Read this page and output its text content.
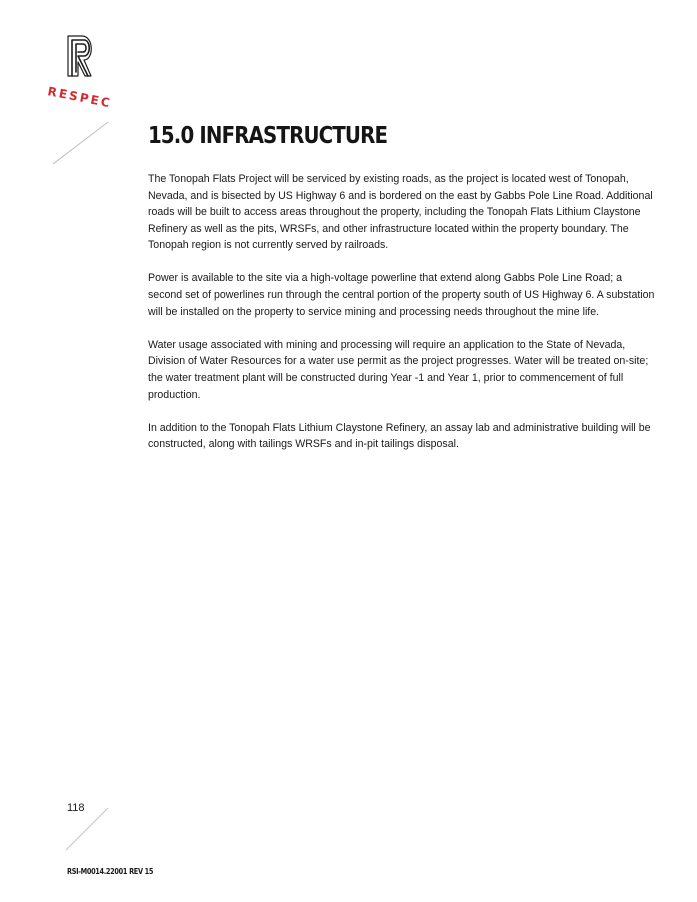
RESPEC
15.0 INFRASTRUCTURE

The Tonopah Flats Project will be serviced by existing roads, as the project is located west of Tonopah, Nevada, and is bisected by US Highway 6 and is bordered on the east by Gabbs Pole Line Road. Additional roads will be built to access areas throughout the property, including the Tonopah Flats Lithium Claystone Refinery as well as the pits, WRSFs, and other infrastructure located within the property boundary. The Tonopah region is not currently served by railroads.

Power is available to the site via a high-voltage powerline that extend along Gabbs Pole Line Road; a second set of powerlines run through the central portion of the property south of US Highway 6. A substation will be installed on the property to service mining and processing needs throughout the mine life.

Water usage associated with mining and processing will require an application to the State of Nevada, Division of Water Resources for a water use permit as the project progresses. Water will be treated on-site; the water treatment plant will be constructed during Year -1 and Year 1, prior to commencement of full production.

In addition to the Tonopah Flats Lithium Claystone Refinery, an assay lab and administrative building will be constructed, along with tailings WRSFs and in-pit tailings disposal.

118
RSI-M0014.22001 REV 15
